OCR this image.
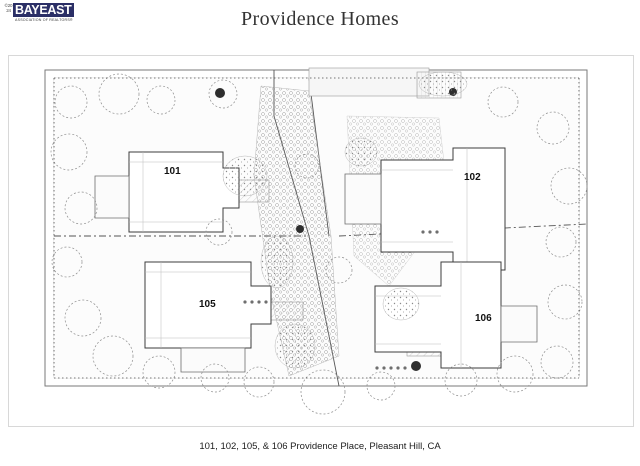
©2024 BAYEAST
ASSOCIATION OF REALTORS®	Providence Homes
101
102
105
106
101, 102, 105, & 106 Providence Place, Pleasant Hill, CA
